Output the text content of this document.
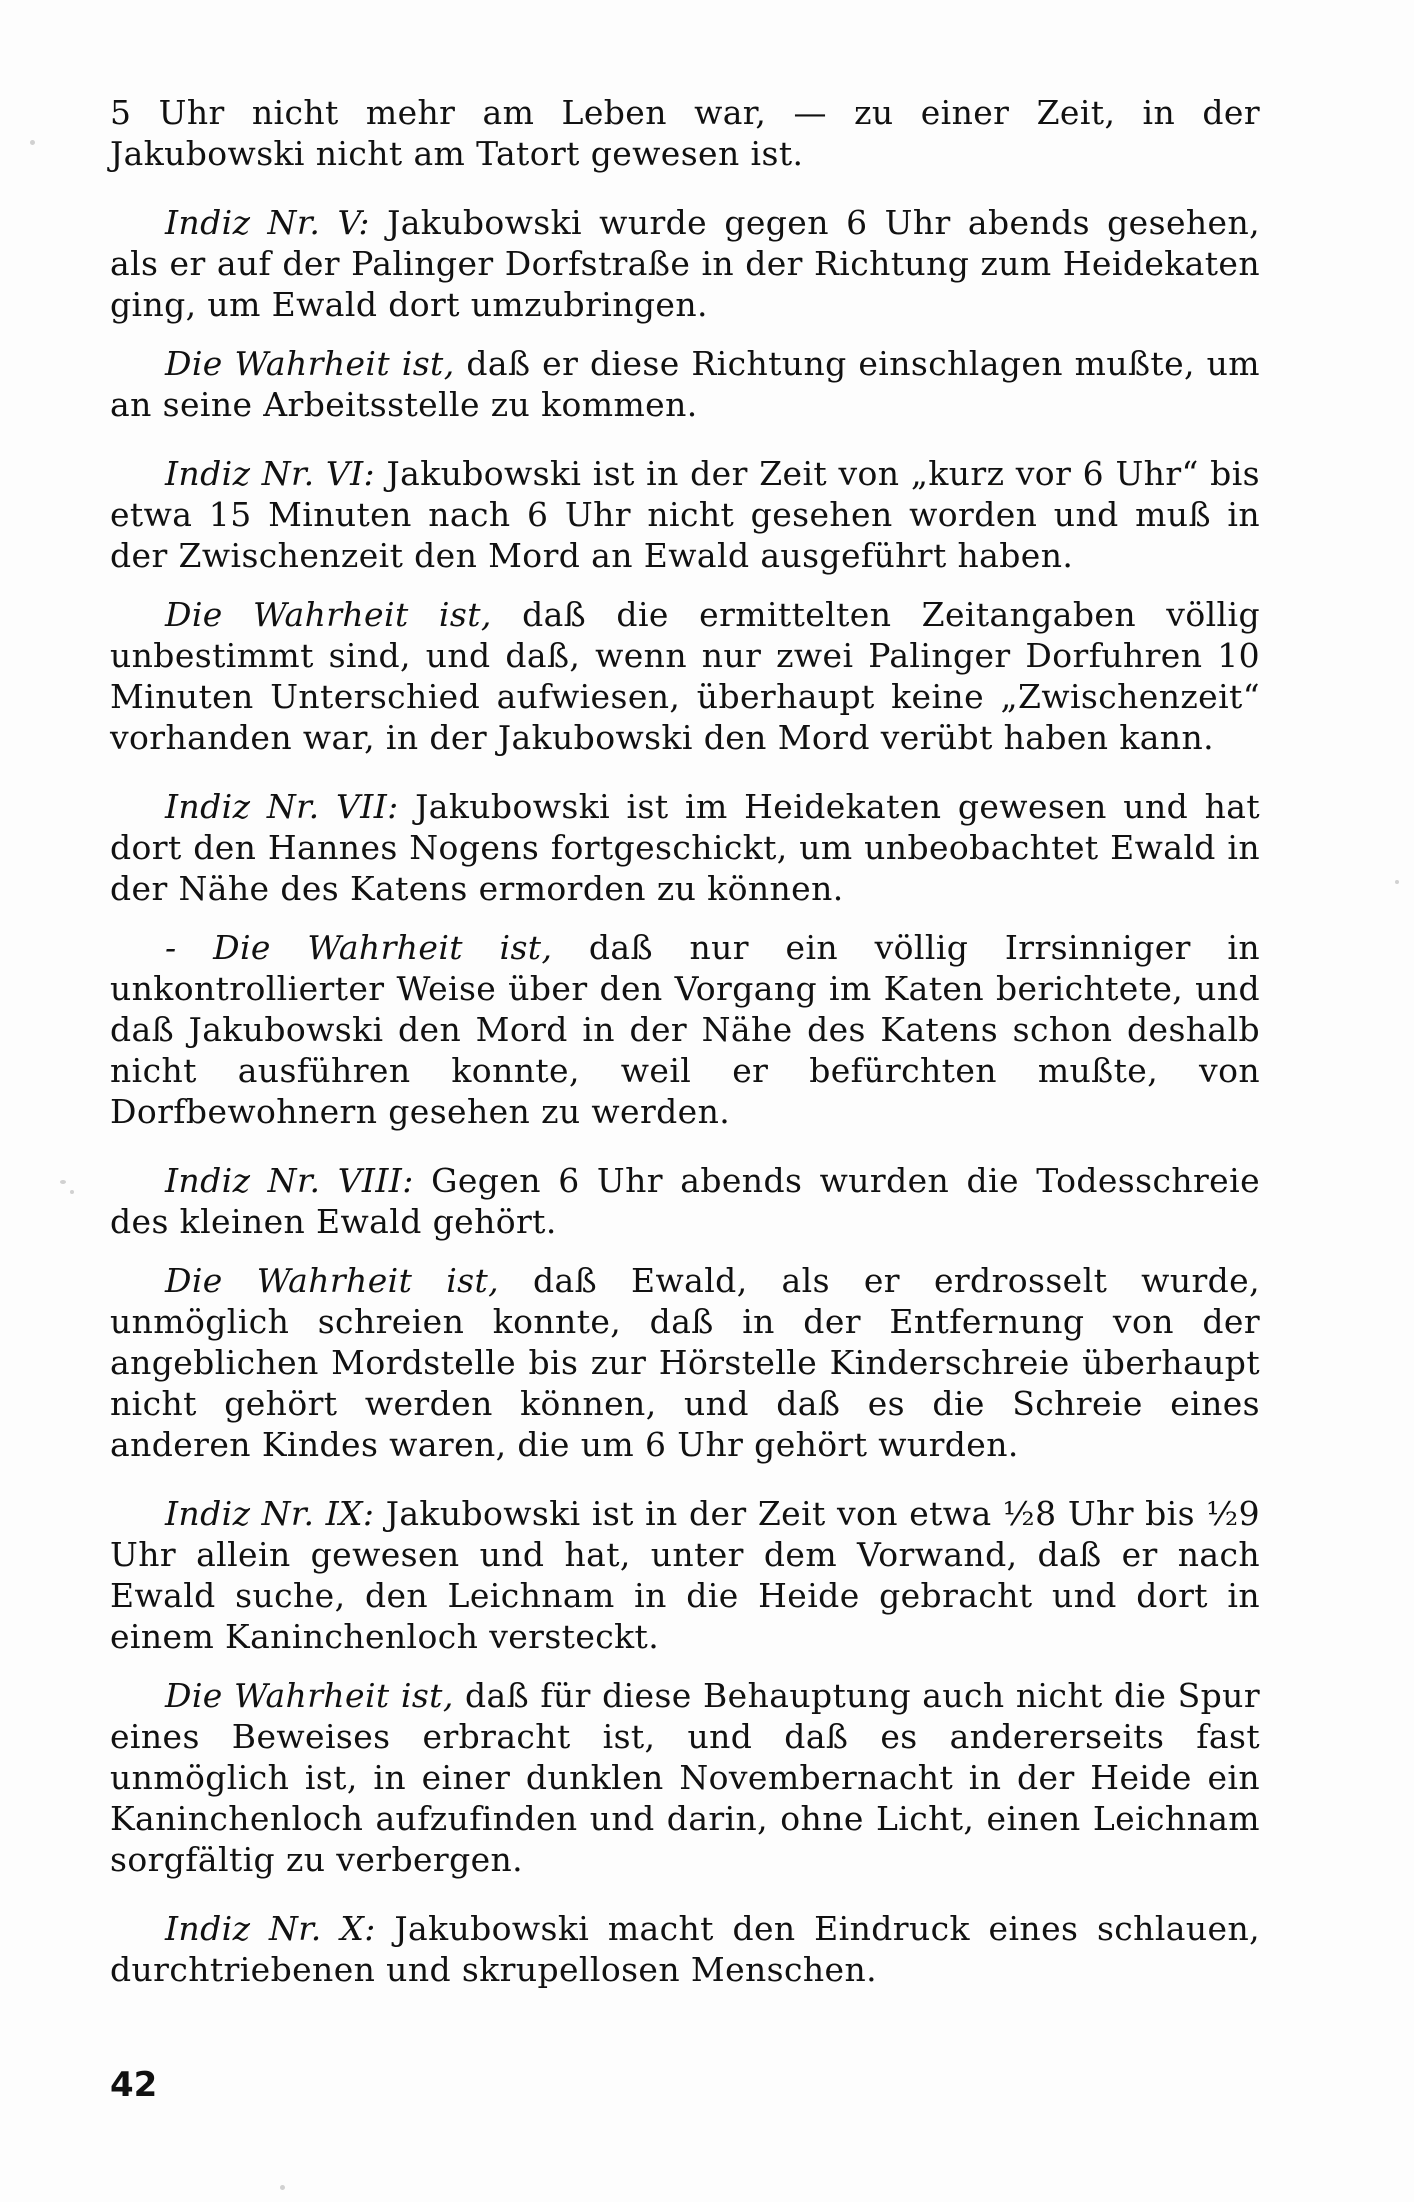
5 Uhr nicht mehr am Leben war, — zu einer Zeit, in der Jakubowski nicht am Tatort gewesen ist.

Indiz Nr. V: Jakubowski wurde gegen 6 Uhr abends gesehen, als er auf der Palinger Dorfstraße in der Richtung zum Heidekaten ging, um Ewald dort umzubringen.

Die Wahrheit ist, daß er diese Richtung einschlagen mußte, um an seine Arbeitsstelle zu kommen.

Indiz Nr. VI: Jakubowski ist in der Zeit von „kurz vor 6 Uhr“ bis etwa 15 Minuten nach 6 Uhr nicht gesehen worden und muß in der Zwischenzeit den Mord an Ewald ausgeführt haben.

Die Wahrheit ist, daß die ermittelten Zeitangaben völlig unbestimmt sind, und daß, wenn nur zwei Palinger Dorfuhren 10 Minuten Unterschied aufwiesen, überhaupt keine „Zwischenzeit“ vorhanden war, in der Jakubowski den Mord verübt haben kann.

Indiz Nr. VII: Jakubowski ist im Heidekaten gewesen und hat dort den Hannes Nogens fortgeschickt, um unbeobachtet Ewald in der Nähe des Katens ermorden zu können.

- Die Wahrheit ist, daß nur ein völlig Irrsinniger in unkontrollierter Weise über den Vorgang im Katen berichtete, und daß Jakubowski den Mord in der Nähe des Katens schon deshalb nicht ausführen konnte, weil er befürchten mußte, von Dorfbewohnern gesehen zu werden.

Indiz Nr. VIII: Gegen 6 Uhr abends wurden die Todesschreie des kleinen Ewald gehört.

Die Wahrheit ist, daß Ewald, als er erdrosselt wurde, unmöglich schreien konnte, daß in der Entfernung von der angeblichen Mordstelle bis zur Hörstelle Kinderschreie überhaupt nicht gehört werden können, und daß es die Schreie eines anderen Kindes waren, die um 6 Uhr gehört wurden.

Indiz Nr. IX: Jakubowski ist in der Zeit von etwa ½8 Uhr bis ½9 Uhr allein gewesen und hat, unter dem Vorwand, daß er nach Ewald suche, den Leichnam in die Heide gebracht und dort in einem Kaninchenloch versteckt.

Die Wahrheit ist, daß für diese Behauptung auch nicht die Spur eines Beweises erbracht ist, und daß es andererseits fast unmöglich ist, in einer dunklen Novembernacht in der Heide ein Kaninchenloch aufzufinden und darin, ohne Licht, einen Leichnam sorgfältig zu verbergen.

Indiz Nr. X: Jakubowski macht den Eindruck eines schlauen, durchtriebenen und skrupellosen Menschen.

42
